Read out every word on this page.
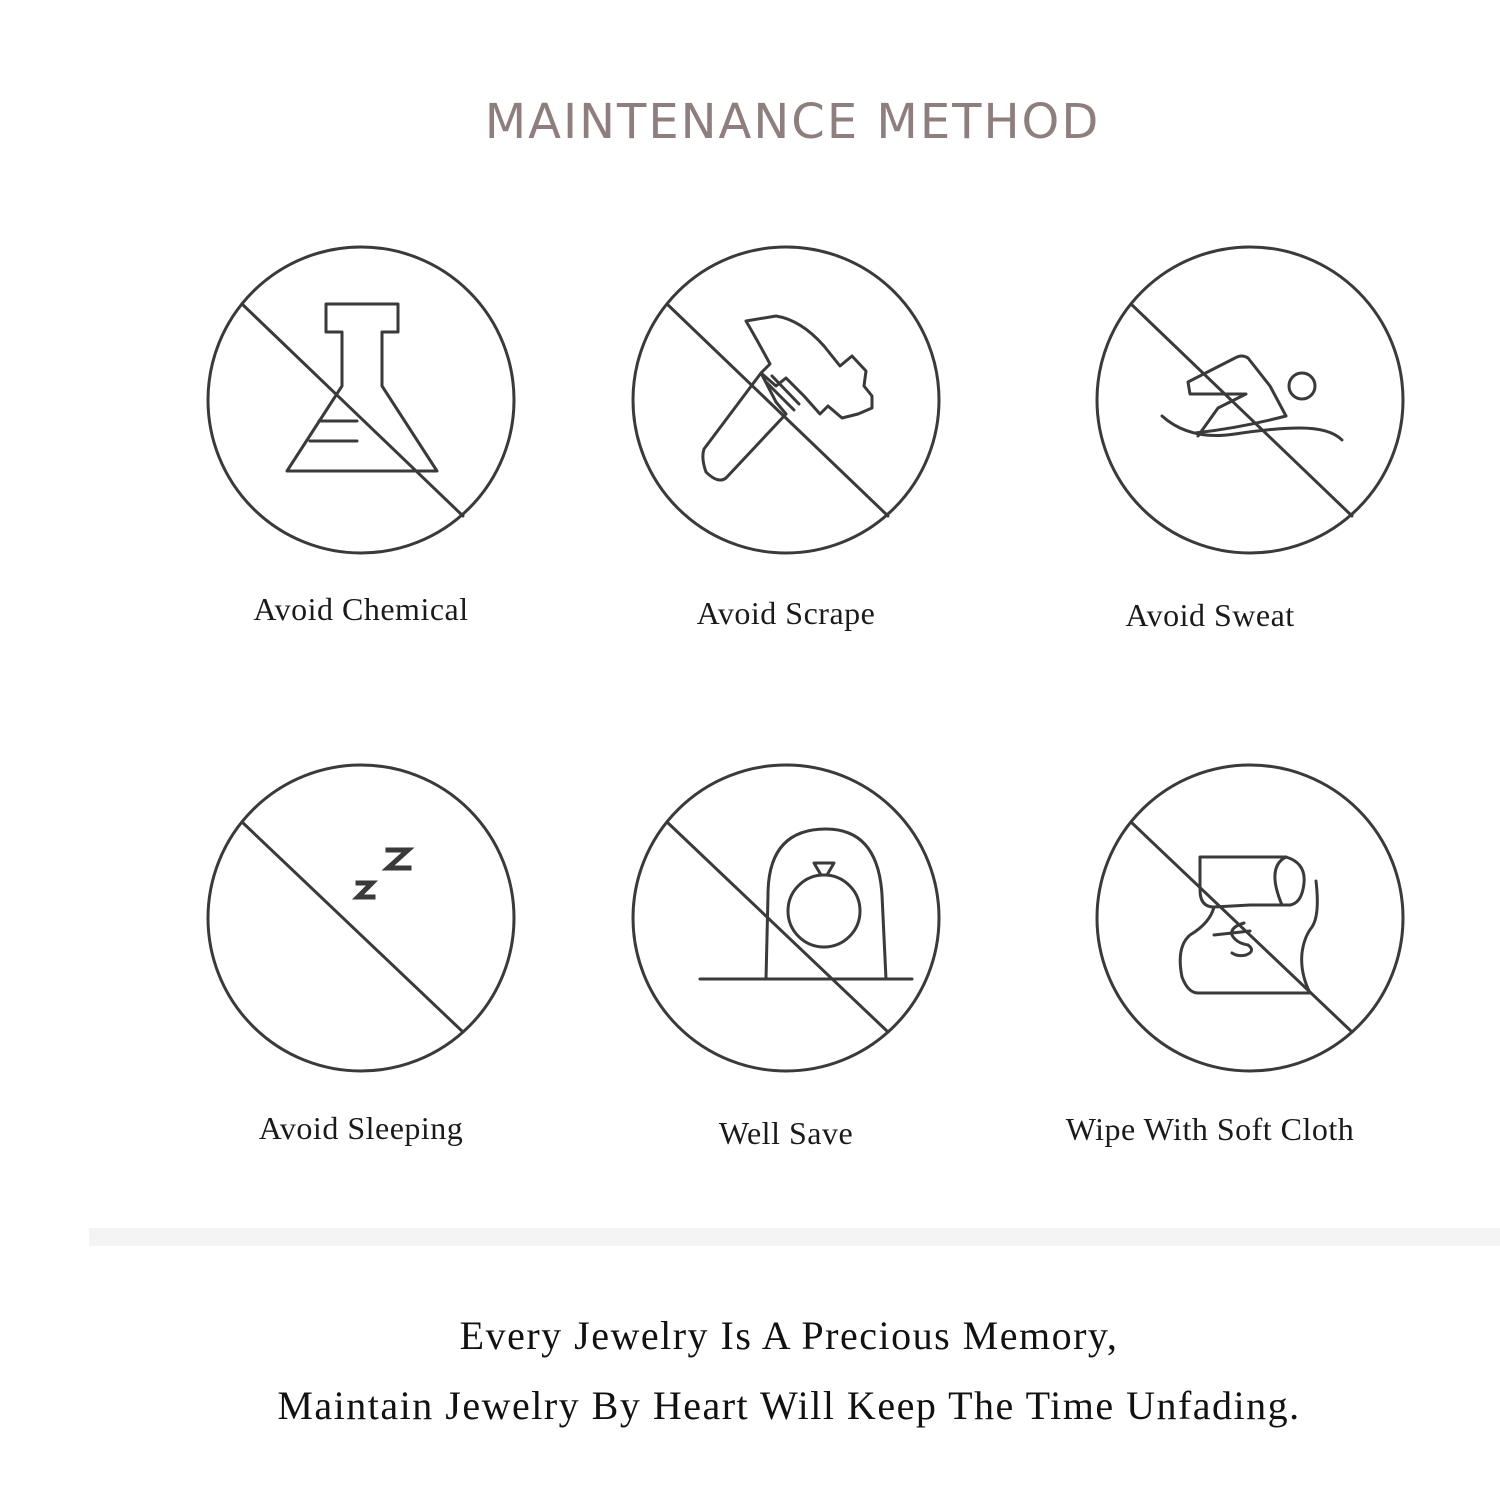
MAINTENANCE METHOD
Avoid Chemical	Avoid Scrape	Avoid Sweat
Avoid Sleeping	Well Save	Wipe With Soft Cloth
Every Jewelry Is A Precious Memory,
Maintain Jewelry By Heart Will Keep The Time Unfading.
